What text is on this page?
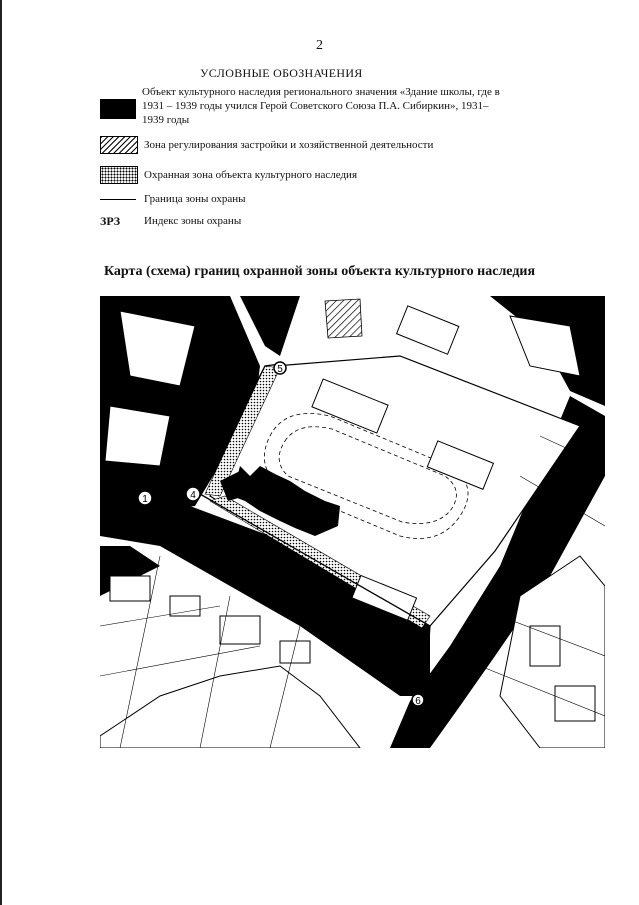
2
УСЛОВНЫЕ ОБОЗНАЧЕНИЯ
Объект культурного наследия регионального значения «Здание школы, где в 1931 – 1939 годы учился Герой Советского Союза П.А. Сибиркин», 1931–1939 годы
Зона регулирования застройки и хозяйственной деятельности
Охранная зона объекта культурного наследия
Граница зоны охраны
ЗРЗ	Индекс зоны охраны
Карта (схема) границ охранной зоны объекта культурного наследия
1	4
5
6
